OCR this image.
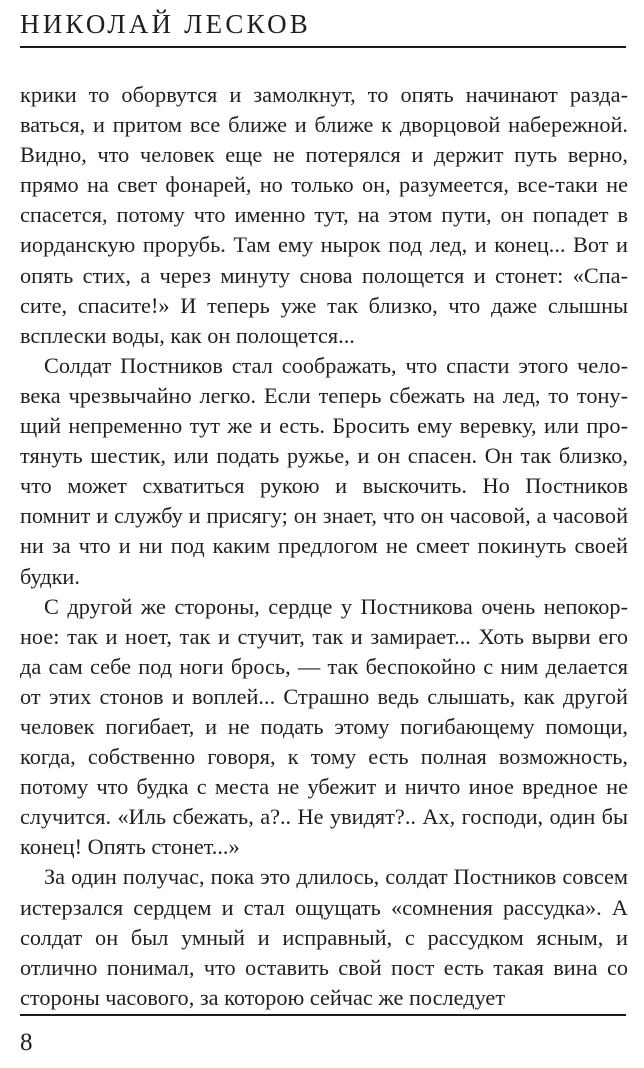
НИКОЛАЙ ЛЕСКОВ

крики то оборвутся и замолкнут, то опять начинают раздаваться, и притом все ближе и ближе к дворцовой набережной. Видно, что человек еще не потерялся и держит путь верно, прямо на свет фонарей, но только он, разумеется, все-таки не спасется, потому что именно тут, на этом пути, он попадет в иорданскую прорубь. Там ему нырок под лед, и конец... Вот и опять стих, а через минуту снова полощется и стонет: «Спасите, спасите!» И теперь уже так близко, что даже слышны всплески воды, как он полощется...

Солдат Постников стал соображать, что спасти этого человека чрезвычайно легко. Если теперь сбежать на лед, то тонущий непременно тут же и есть. Бросить ему веревку, или протянуть шестик, или подать ружье, и он спасен. Он так близко, что может схватиться рукою и выскочить. Но Постников помнит и службу и присягу; он знает, что он часовой, а часовой ни за что и ни под каким предлогом не смеет покинуть своей будки.

С другой же стороны, сердце у Постникова очень непокорное: так и ноет, так и стучит, так и замирает... Хоть вырви его да сам себе под ноги брось, — так беспокойно с ним делается от этих стонов и воплей... Страшно ведь слышать, как другой человек погибает, и не подать этому погибающему помощи, когда, собственно говоря, к тому есть полная возможность, потому что будка с места не убежит и ничто иное вредное не случится. «Иль сбежать, а?.. Не увидят?.. Ах, господи, один бы конец! Опять стонет...»

За один получас, пока это длилось, солдат Постников совсем истерзался сердцем и стал ощущать «сомнения рассудка». А солдат он был умный и исправный, с рассудком ясным, и отлично понимал, что оставить свой пост есть такая вина со стороны часового, за которою сейчас же последует

8
